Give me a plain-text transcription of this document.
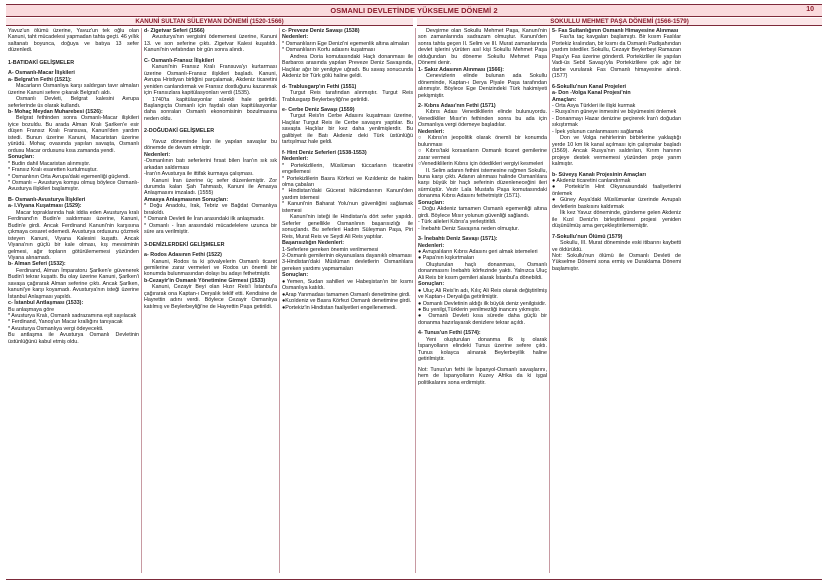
OSMANLI DEVLETİNDE YÜKSELME DÖNEMİ 2	10
KANUNİ SULTAN SÜLEYMAN DÖNEMİ (1520-1566)	SOKULLU MEHMET PAŞA DÖNEMİ (1566-1579)

Yavuz'un ölümü üzerine, Yavuz'un tek oğlu olan Kanuni, taht mücadelesi yapmadan tahta geçti. 46 yıllık saltanatı boyunca, doğuya ve batıya 13 sefer düzenledi.

1-BATIDAKİ GELİŞMELER

A- Osmanlı-Macar İlişkileri

a- Belgrat'ın Fethi (1521):

Macarların Osmanlıya karşı saldırgan tavır almaları üzerine Kanuni sefere çıkarak Belgrat'ı aldı.

Osmanlı Devleti, Belgrat kalesini Avrupa seferlerinde üs olarak kullandı.

b- Mohaç Meydan Muharebesi (1526):

Belgrat fethinden sonra Osmanlı-Macar ilişkileri iyice bozuldu. Bu arada Alman Kralı Şarlken'e esir düşen Fransız Kralı Fransuva, Kanuni'den yardım istedi. Bunun üzerine Kanuni, Macaristan üzerine yürüdü. Mohaç ovasında yapılan savaşta, Osmanlı ordusu Macar ordusunu kısa zamanda yendi.

Sonuçları:

* Budin dahil Macaristan alınmıştır.

* Fransız Kralı esaretten kurtulmuştur.

* Osmanlının Orta Avrupa'daki egemenliği güçlendi.

* Osmanlı – Avusturya komşu olmuş böylece Osmanlı-Avusturya ilişkileri başlamıştır.

B- Osmanlı-Avusturya İlişkileri

a- I.Viyana Kuşatması (1529):

Macar topraklarında hak iddia eden Avusturya kralı Ferdinand'ın Budin'e saldırması üzerine, Kanuni, Budin'e girdi. Ancak Ferdinand Kanuni'nin karşısına çıkmaya cesaret edemedi. Avusturya ordusunu çözmek isteyen Kanuni, Viyana Kalesini kuşattı. Ancak Viyana'nın güçlü bir kale olması, kış mevsiminin gelmesi, ağır topların götürülememesi yüzünden Viyana alınamadı.

b- Alman Seferi (1532):

Ferdinand, Alman İmparatoru Şarlken'e güvenerek Budin'i tekrar kuşattı. Bu olay üzerine Kanuni, Şarlken'i savaşa çağırarak Alman seferine çıktı. Ancak Şarlken, kanuni'ye karşı koyamadı. Avusturya'nın isteği üzerine İstanbul Anlaşması yapıldı.

c- İstanbul Antlaşması (1533):

Bu anlaşmaya göre

* Avusturya Kralı, Osmanlı sadrazamına eşit sayılacak

* Ferdinand, Yanoş'un Macar krallığını tanıyacak

* Avusturya Osmanlıya vergi ödeyecekti.

Bu antlaşma ile Avusturya Osmanlı Devletinin üstünlüğünü kabul etmiş oldu.

d- Zigetvar Seferi (1566)

Avusturya'nın vergisini ödememesi üzerine, Kanuni 13. ve son seferine çıktı. Zigetvar Kalesi kuşatıldı. Kanuni'nin vefatından bir gün sonra alındı.

C- Osmanlı-Fransız İlişkileri

Kanuni'nin Fransız Kralı Fransuva'yı kurtarması üzerine Osmanlı-Fransız ilişkileri başladı. Kanuni, Avrupa Hristiyan birliğini parçalamak, Akdeniz ticaretini yeniden canlandırmak ve Fransız dostluğunu kazanmak için Fransızlara kapitülasyonları verdi (1535).

1740'ta kapitülasyonlar sürekli hale getirildi. Başlangıçta Osmanlı için faydalı olan kapitülasyonlar daha sonraları Osmanlı ekonomisinin bozulmasına neden oldu.

2-DOĞUDAKİ GELİŞMELER

Yavuz döneminde İran ile yapılan savaşlar bu dönemde de devam etmiştir.

Nedenleri:

-Osmanlının batı seferlerini fırsat bilen İran'ın sık sık arkadan saldırması

-İran'ın Avusturya ile ittifak kurmaya çalışması.

Kanuni İran üzerine üç sefer düzenlemiştir. Zor durumda kalan Şah Tahmasb, Kanuni ile Amasya Anlaşmasını imzaladı. (1555)

Amasya Anlaşmasının Sonuçları:

* Doğu Anadolu, Irak, Tebriz ve Bağdat Osmanlıya bırakıldı.

* Osmanlı Devleti ile İran arasındaki ilk anlaşmadır.

* Osmanlı - İran arasındaki mücadelelere uzunca bir süre ara verilmiştir.

3-DENİZLERDEKİ GELİŞMELER

a- Rodos Adasının Fethi (1522)

Kanuni, Rodos ta ki şövalyelerin Osmanlı ticaret gemilerine zarar vermeleri ve Rodos un önemli bir konumda bulunmasından dolayı bu adayı fethetmiştir.

b-Cezayir'in Osmanlı Yönetimine Girmesi (1533)

Kanuni, Cezayir Beyi olan Hızır Reis'i İstanbul'a çağırarak ona Kaptan-ı Deryalık teklif etti. Kendisine de Hayrettin adını verdi. Böylece Cezayir Osmanlıya katılmış ve Beylerbeyliği'ne de Hayrettin Paşa getirildi.

c- Preveze Deniz Savaşı (1538)

Nedenleri:

* Osmanlıların Ege Denizi'ni egemenlik altına almaları

* Osmanlıların Korfu adasını kuşatması

Andrea Doria komutasındaki Haçlı donanması ile Barbaros arasında yapılan Preveze Deniz Savaşında, Haçlılar ağır bir yenilgiye uğradı. Bu savaş sonucunda Akdeniz bir Türk gölü haline geldi.

d- Trablusgarp'ın Fethi (1551)

Turgut Reis tarafından alınmıştır. Turgut Reis Trablusgarp Beylerbeyliği'ne getirildi.

e- Cerbe Deniz Savaşı (1559)

Turgut Reis'in Cerbe Adasını kuşatması üzerine, Haçlılar Turgut Reis ile Cerbe savaşını yaptılar. Bu savaşta Haçlılar bir kez daha yenilmişlerdir. Bu galibiyet ile Batı Akdeniz deki Türk üstünlüğü tartışılmaz hale geldi.

f- Hint Deniz Seferleri (1538-1553)

Nedenleri:

* Portekizlilerin, Müslüman tüccarların ticaretini engellemesi

* Portekizlilerin Basra Körfezi ve Kızıldeniz de hakim olma çabaları

* Hindistan'daki Gücerat hükümdarının Kanuni'den yardım istemesi

* Kanuni'nin Baharat Yolu'nun güvenliğini sağlamak istemesi

Kanuni'nin isteği ile Hindistan'a dört sefer yapıldı. Seferler genellikle Osmanlının başarısızlığı ile sonuçlandı. Bu seferleri Hadım Süleyman Paşa, Piri Reis, Murat Reis ve Seydi Ali Reis yaptılar.

Başarısızlığın Nedenleri:

1-Seferlere gereken önemin verilmemesi

2-Osmanlı gemilerinin okyanuslara dayanıklı olmaması

3-Hindistan'daki Müslüman devletlerin Osmanlılara gereken yardımı yapmamaları

Sonuçları:

●Yemen, Sudan sahilleri ve Habeşistan'ın bir kısmı Osmanlıya katıldı.

●Arap Yarımadası tamamen Osmanlı denetimine girdi.

●Kızıldeniz ve Basra Körfezi Osmanlı denetimine girdi.

●Portekiz'in Hindistan faaliyetleri engellenemedi.

Devşirme olan Sokullu Mehmet Paşa, Kanuni'nin son zamanlarında sadrazam olmuştur. Kanuni'den sonra tahta geçen II. Selim ve III. Murat zamanlarında devlet işlerini yürüten asıl kişi Sokullu Mehmet Paşa olduğundan bu döneme Sokullu Mehmet Paşa Dönemi denir.

1- Sakız Adasının Alınması (1566):

Cenevizlerin elinde bulunan ada Sokullu döneminde, Kaptan-ı Derya Piyale Paşa tarafından alınmıştır. Böylece Ege Denizindeki Türk hakimiyeti pekişmiştir.

2- Kıbrıs Adası'nın Fethi (1571)

Kıbrıs Adası Venediklilerin elinde bulunuyordu. Venedikliler Mısır'ın fethinden sonra bu ada için Osmanlıya vergi ödemeye başladılar.

Nedenleri:

○ Kıbrıs'ın jeopolitik olarak önemli bir konumda bulunması

○ Kıbrıs'taki korsanların Osmanlı ticaret gemilerine zarar vermesi

○Venediklilerin Kıbrıs için ödedikleri vergiyi kesmeleri

II. Selim adanın fethini istemesine rağmen Sokullu, buna karşı çıktı. Adanın alınması halinde Osmanlılara karşı büyük bir haçlı seferinin düzenleneceğini ileri sürmüştür. Vezir Lala Mustafa Paşa komutasındaki donanma Kıbrıs Adasını fethetmiştir (1571).

Sonuçları:

- Doğu Akdeniz tamamen Osmanlı egemenliği altına girdi. Böylece Mısır yolunun güvenliği sağlandı.

- Türk aileleri Kıbrıs'a yerleştirildi.

- İnebahtı Deniz Savaşına neden olmuştur.

3- İnebahtı Deniz Savaşı (1571):

Nedenleri:

● Avrupalıların Kıbrıs Adasını geri almak istemeleri

● Papa'nın kışkırtmaları

Oluşturulan haçlı donanması, Osmanlı donanmasını İnebahtı körfezinde yaktı. Yalnızca Uluç Ali Reis bir kısım gemileri alarak İstanbul'a dönebildi.

Sonuçları:

● Uluç Ali Reis'in adı, Kılıç Ali Reis olarak değiştirilmiş ve Kaptan-ı Deryalığa getirilmiştir.

● Osmanlı Devletinin aldığı ilk büyük deniz yenilgisidir.

● Bu yenilgi,Türklerin yenilmezliği inancını yıkmıştır.

● Osmanlı Devleti kısa sürede daha güçlü bir donanma hazırlayarak denizlere tekrar açıldı.

4- Tunus'un Fethi (1574):

Yeni oluşturulan donanma ilk iş olarak İspanyolların elindeki Tunus üzerine sefere çıktı. Tunus kolayca alınarak Beylerbeyilik haline getirilmiştir.

Not: Tunus'un fethi ile İspanyol-Osmanlı savaşlarını, hem de İspanyolların Kuzey Afrika da ki işgal politikalarını sona erdirmiştir.

5- Fas Sultanlığının Osmanlı Himayesine Alınması

Fas'ta taç kavgaları başlamıştı. Bir kısım Faslılar Portekiz kralından, bir kısmı da Osmanlı Padişahından yardım istediler. Sokullu, Cezayir Beylerbeyi Ramazan Paşa'yı Fas üzerine gönderdi. Portekizliler ile yapılan Vadi-üs Sebil Savaşı'yla Portekizlilere çok ağır bir darbe vurularak Fas Osmanlı himayesine alındı. (1577)

6-Sokullu'nun Kanal Projeleri

a- Don -Volga Kanal Projesi'nin

Amaçları:

- Orta Asya Türkleri ile ilişki kurmak

- Rusya'nın güneye inmesini ve büyümesini önlemek

- Donanmayı Hazar denizine geçirerek İran'ı doğudan sıkıştırmak

- İpek yolunun canlanmasını sağlamak

Don ve Volga nehirlerinin birbirlerine yaklaştığı yerde 10 km lik kanal açılması için çalışmalar başladı (1569). Ancak Rusya'nın saldırıları, Kırım hanının projeye destek vermemesi yüzünden proje yarım kalmıştır.

b- Süveyş Kanalı Projesinin Amaçları

● Akdeniz ticaretini canlandırmak

● Portekiz'in Hint Okyanusundaki faaliyetlerini önlemek

● Güney Asya'daki Müslümanlar üzerinde Avrupalı devletlerin baskısını kaldırmak

İlk kez Yavuz döneminde, gündeme gelen Akdeniz ile Kızıl Deniz'in birleştirilmesi projesi yeniden düşünülmüş ama gerçekleştirilememiştir.

7-Sokullu'nun Ölümü (1579)

Sokullu, III. Murat döneminde eski itibarını kaybetti ve öldürüldü.

Not: Sokullu'nun ölümü ile Osmanlı Devleti de Yükselme Dönemi sona ermiş ve Duraklama Dönemi başlamıştır.
